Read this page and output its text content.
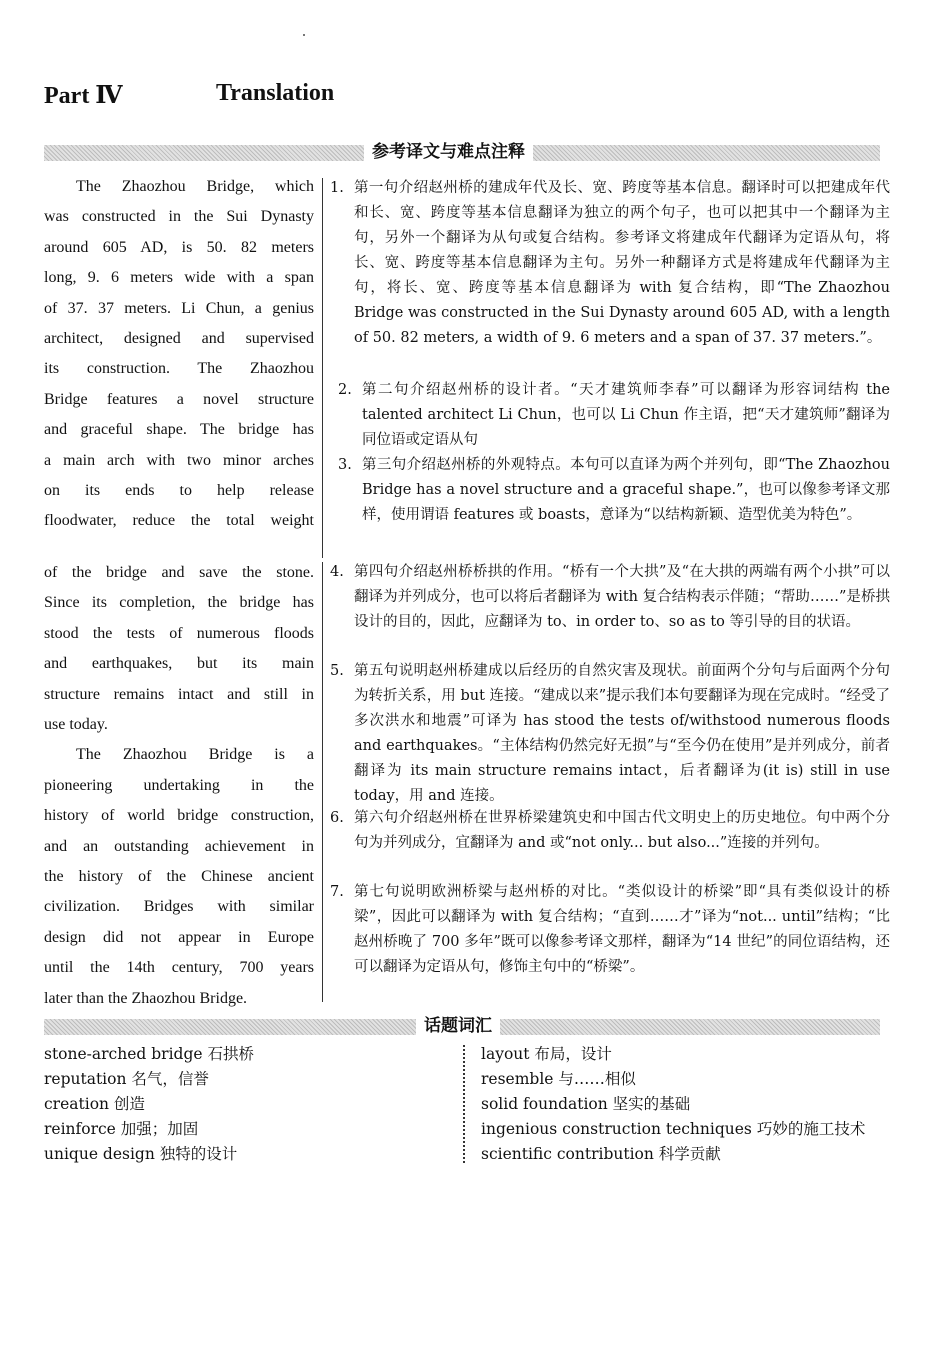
Part Ⅳ	Translation
参考译文与难点注释

The Zhaozhou Bridge, which

was constructed in the Sui Dynasty

around 605 AD, is 50. 82 meters

long, 9. 6 meters wide with a span

of 37. 37 meters. Li Chun, a genius

architect, designed and supervised

its construction. The Zhaozhou

Bridge features a novel structure

and graceful shape. The bridge has

a main arch with two minor arches

on its ends to help release

floodwater, reduce the total weight

of the bridge and save the stone.

Since its completion, the bridge has

stood the tests of numerous floods

and earthquakes, but its main

structure remains intact and still in

use today.

The Zhaozhou Bridge is a

pioneering undertaking in the

history of world bridge construction,

and an outstanding achievement in

the history of the Chinese ancient

civilization. Bridges with similar

design did not appear in Europe

until the 14th century, 700 years

later than the Zhaozhou Bridge.

1. 第一句介绍赵州桥的建成年代及长、宽、跨度等基本信息。翻译时可以把建成年代和长、宽、跨度等基本信息翻译为独立的两个句子，也可以把其中一个翻译为主句，另外一个翻译为从句或复合结构。参考译文将建成年代翻译为定语从句，将长、宽、跨度等基本信息翻译为主句。另外一种翻译方式是将建成年代翻译为主句，将长、宽、跨度等基本信息翻译为 with 复合结构，即“The Zhaozhou Bridge was constructed in the Sui Dynasty around 605 AD, with a length of 50. 82 meters, a width of 9. 6 meters and a span of 37. 37 meters.”。
2. 第二句介绍赵州桥的设计者。“天才建筑师李春”可以翻译为形容词结构 the talented architect Li Chun，也可以 Li Chun 作主语，把“天才建筑师”翻译为同位语或定语从句
3. 第三句介绍赵州桥的外观特点。本句可以直译为两个并列句，即“The Zhaozhou Bridge has a novel structure and a graceful shape.”，也可以像参考译文那样，使用谓语 features 或 boasts，意译为“以结构新颖、造型优美为特色”。
4. 第四句介绍赵州桥桥拱的作用。“桥有一个大拱”及“在大拱的两端有两个小拱”可以翻译为并列成分，也可以将后者翻译为 with 复合结构表示伴随；“帮助……”是桥拱设计的目的，因此，应翻译为 to、in order to、so as to 等引导的目的状语。
5. 第五句说明赵州桥建成以后经历的自然灾害及现状。前面两个分句与后面两个分句为转折关系，用 but 连接。“建成以来”提示我们本句要翻译为现在完成时。“经受了多次洪水和地震”可译为 has stood the tests of/withstood numerous floods and earthquakes。“主体结构仍然完好无损”与“至今仍在使用”是并列成分，前者翻译为 its main structure remains intact，后者翻译为(it is) still in use today，用 and 连接。
6. 第六句介绍赵州桥在世界桥梁建筑史和中国古代文明史上的历史地位。句中两个分句为并列成分，宜翻译为 and 或“not only... but also...”连接的并列句。
7. 第七句说明欧洲桥梁与赵州桥的对比。“类似设计的桥梁”即“具有类似设计的桥梁”，因此可以翻译为 with 复合结构；“直到……才”译为“not... until”结构；“比赵州桥晚了 700 多年”既可以像参考译文那样，翻译为“14 世纪”的同位语结构，还可以翻译为定语从句，修饰主句中的“桥梁”。
话题词汇
stone-arched bridge 石拱桥
reputation 名气，信誉
creation 创造
reinforce 加强；加固
unique design 独特的设计
layout 布局，设计
resemble 与……相似
solid foundation 坚实的基础
ingenious construction techniques 巧妙的施工技术
scientific contribution 科学贡献
